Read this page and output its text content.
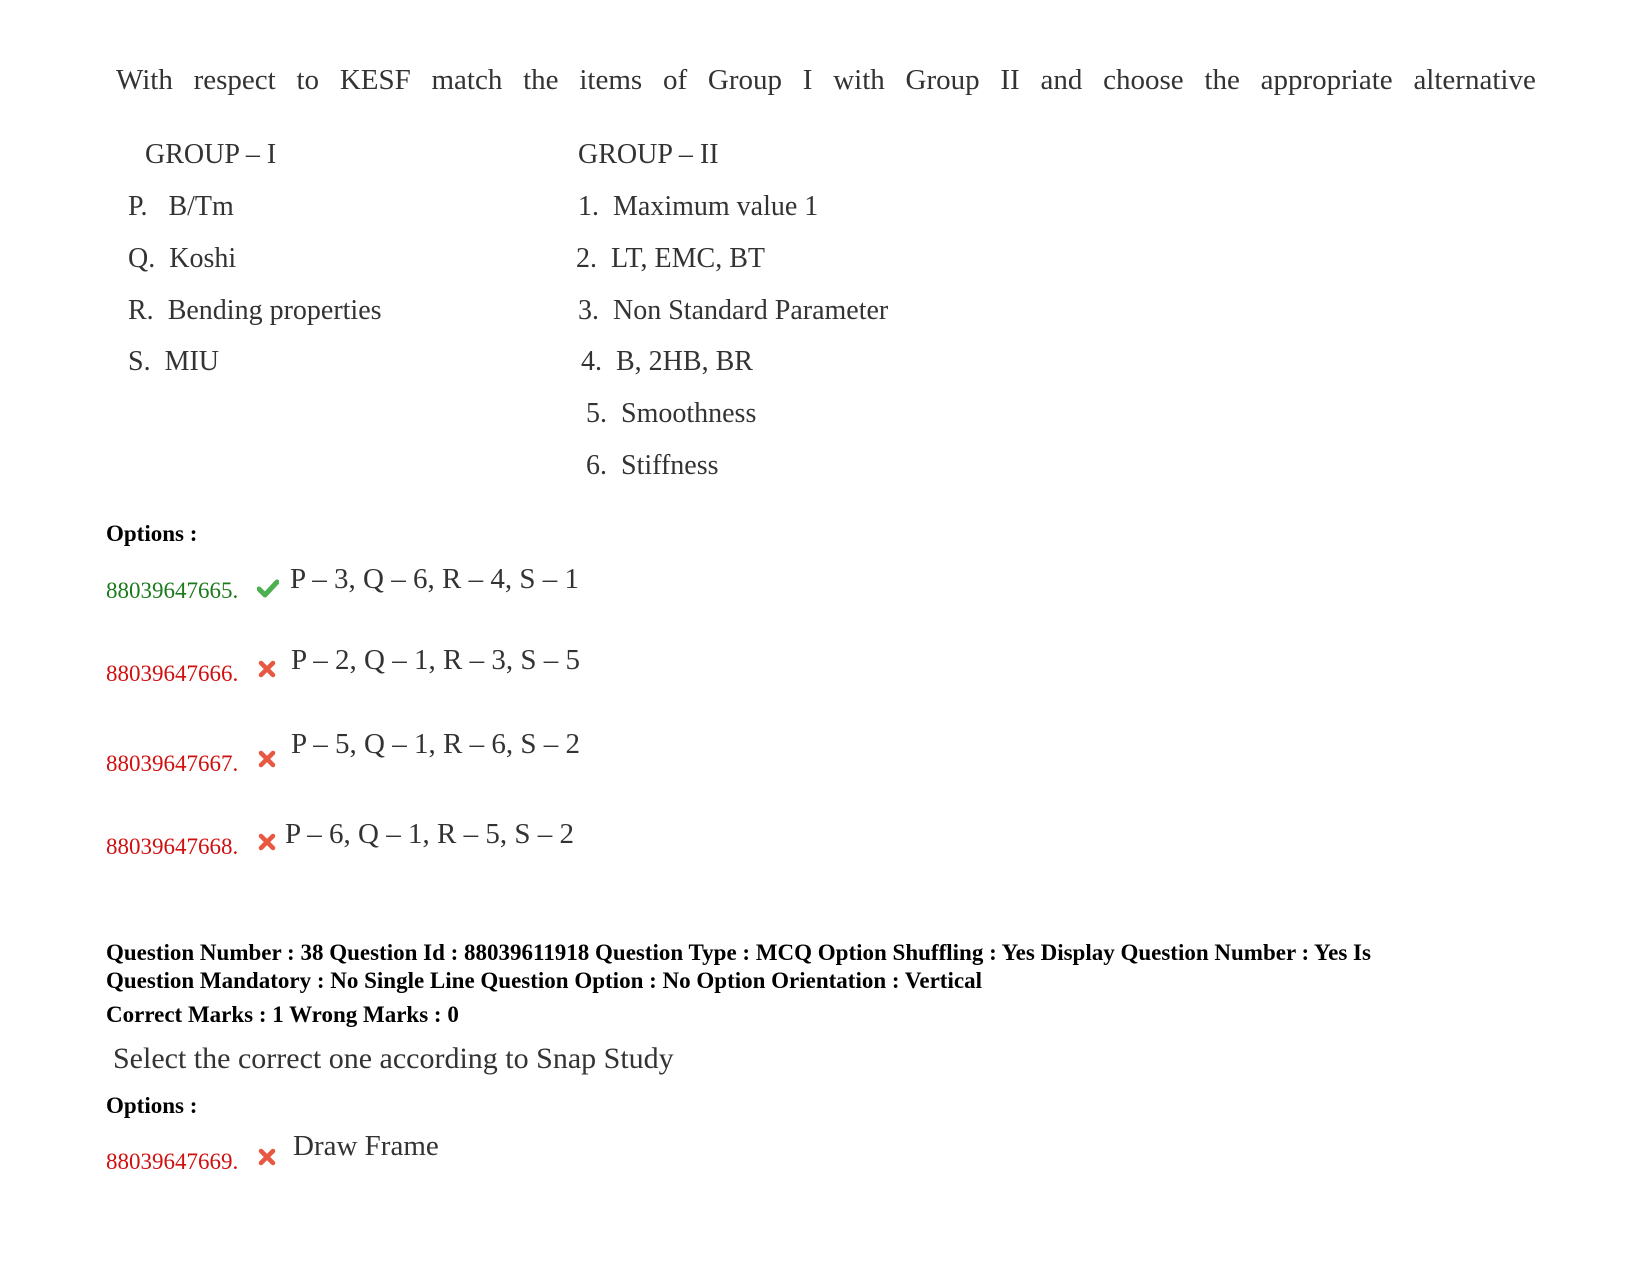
With respect to KESF match the items of Group I with Group II and choose the appropriate alternative
GROUP – I	GROUP – II
P. B/Tm
Q. Koshi
R. Bending properties
S. MIU
1. Maximum value 1
2. LT, EMC, BT
3. Non Standard Parameter
4. B, 2HB, BR
5. Smoothness
6. Stiffness
Options :
88039647665. P – 3, Q – 6, R – 4, S – 1
88039647666. P – 2, Q – 1, R – 3, S – 5
88039647667.
P – 5, Q – 1, R – 6, S – 2
88039647668. P – 6, Q – 1, R – 5, S – 2
Question Number : 38 Question Id : 88039611918 Question Type : MCQ Option Shuffling : Yes Display Question Number : Yes Is
Question Mandatory : No Single Line Question Option : No Option Orientation : Vertical
Correct Marks : 1 Wrong Marks : 0
Select the correct one according to Snap Study
Options :
88039647669. Draw Frame
